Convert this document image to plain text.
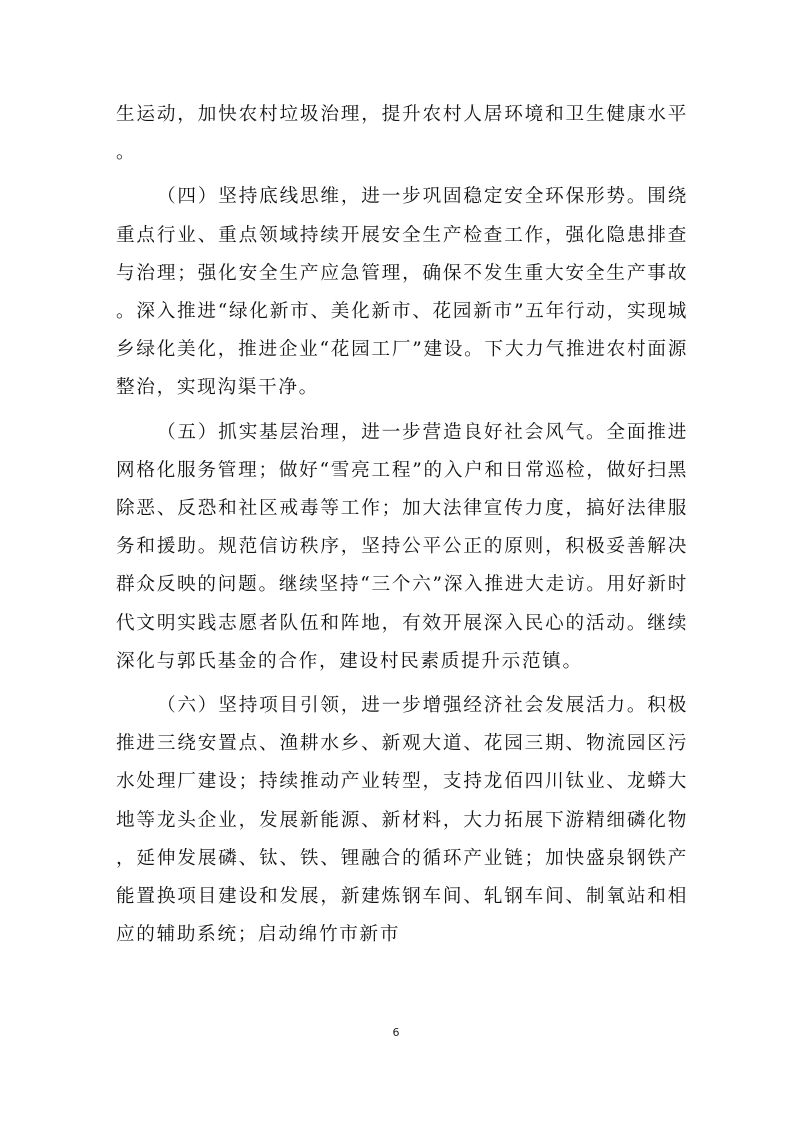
生运动，加快农村垃圾治理，提升农村人居环境和卫生健康水平。

（四）坚持底线思维，进一步巩固稳定安全环保形势。围绕重点行业、重点领域持续开展安全生产检查工作，强化隐患排查与治理；强化安全生产应急管理，确保不发生重大安全生产事故。深入推进“绿化新市、美化新市、花园新市”五年行动，实现城乡绿化美化，推进企业“花园工厂”建设。下大力气推进农村面源整治，实现沟渠干净。

（五）抓实基层治理，进一步营造良好社会风气。全面推进网格化服务管理；做好“雪亮工程”的入户和日常巡检，做好扫黑除恶、反恐和社区戒毒等工作；加大法律宣传力度，搞好法律服务和援助。规范信访秩序，坚持公平公正的原则，积极妥善解决群众反映的问题。继续坚持“三个六”深入推进大走访。用好新时代文明实践志愿者队伍和阵地，有效开展深入民心的活动。继续深化与郭氏基金的合作，建设村民素质提升示范镇。

（六）坚持项目引领，进一步增强经济社会发展活力。积极推进三绕安置点、渔耕水乡、新观大道、花园三期、物流园区污水处理厂建设；持续推动产业转型，支持龙佰四川钛业、龙蟒大地等龙头企业，发展新能源、新材料，大力拓展下游精细磷化物，延伸发展磷、钛、铁、锂融合的循环产业链；加快盛泉钢铁产能置换项目建设和发展，新建炼钢车间、轧钢车间、制氧站和相应的辅助系统；启动绵竹市新市

6
